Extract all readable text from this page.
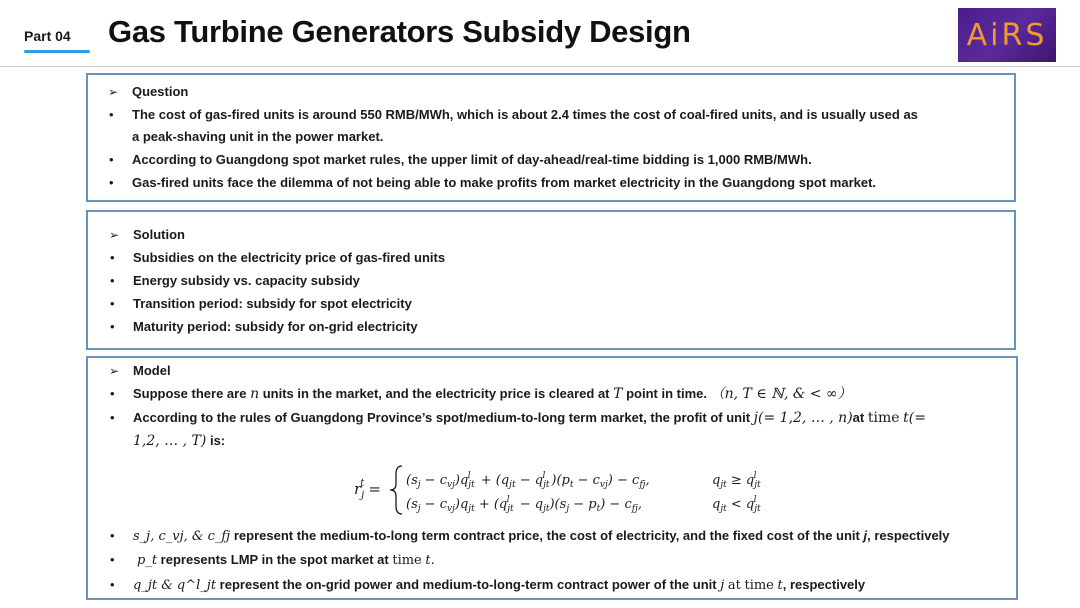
Part 04 Gas Turbine Generators Subsidy Design	AiRS
➢ Question
• The cost of gas-fired units is around 550 RMB/MWh, which is about 2.4 times the cost of coal-fired units, and is usually used as
a peak-shaving unit in the power market.
• According to Guangdong spot market rules, the upper limit of day-ahead/real-time bidding is 1,000 RMB/MWh.
• Gas-fired units face the dilemma of not being able to make profits from market electricity in the Guangdong spot market.
➢ Solution
• Subsidies on the electricity price of gas-fired units
• Energy subsidy vs. capacity subsidy
• Transition period: subsidy for spot electricity
• Maturity period: subsidy for on-grid electricity
➢ Model
• Suppose there are n units in the market, and the electricity price is cleared at T point in time. （n, T ∈ ℕ, & < ∞）
• According to the rules of Guangdong Province’s spot/medium-to-long term market, the profit of unit j(= 1,2, … , n)at time t(=
1,2, … , T) is:
$r_jt = (s_j - c_{vj})q_{jt}l + (q_{jt} - q_{jt}l$ )$(p_t - c_{vj}) - c_{fj}$,	$q_{jt} \ge q_{jt}l$
$(s_j - c_{vj})q_{jt} + (q_{jt}l - q_{jt})(s_j - p_t) - c_{fj}$,	$q_{jt} < q_{jt}l$
• s_j, c_vj, & c_fj represent the medium-to-long term contract price, the cost of electricity, and the fixed cost of the unit j, respectively
• p_t represents LMP in the spot market at time t.
• q_jt & q^l_jt represent the on-grid power and medium-to-long-term contract power of the unit j at time t, respectively
